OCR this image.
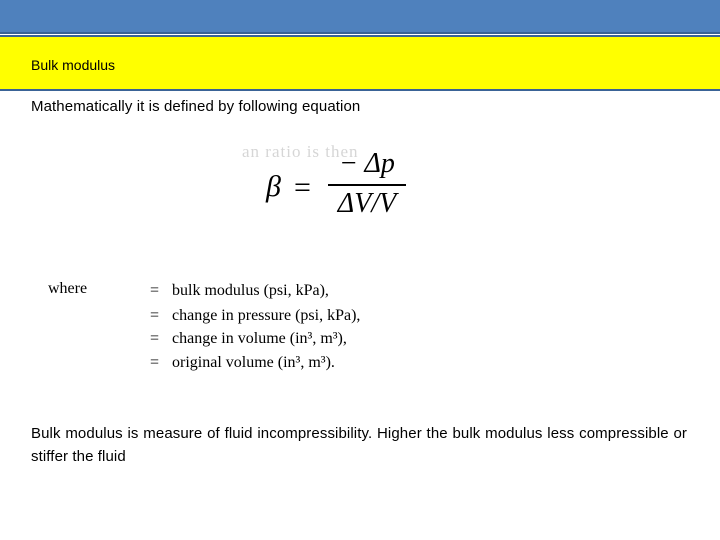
Bulk modulus
Mathematically it is defined by following equation
an ratio is then
β =
− Δp
ΔV/V
where	= bulk modulus (psi, kPa),
= change in pressure (psi, kPa),
= change in volume (in³, m³),
= original volume (in³, m³).
Bulk modulus is measure of fluid incompressibility. Higher the bulk modulus less compressible or stiffer the fluid
